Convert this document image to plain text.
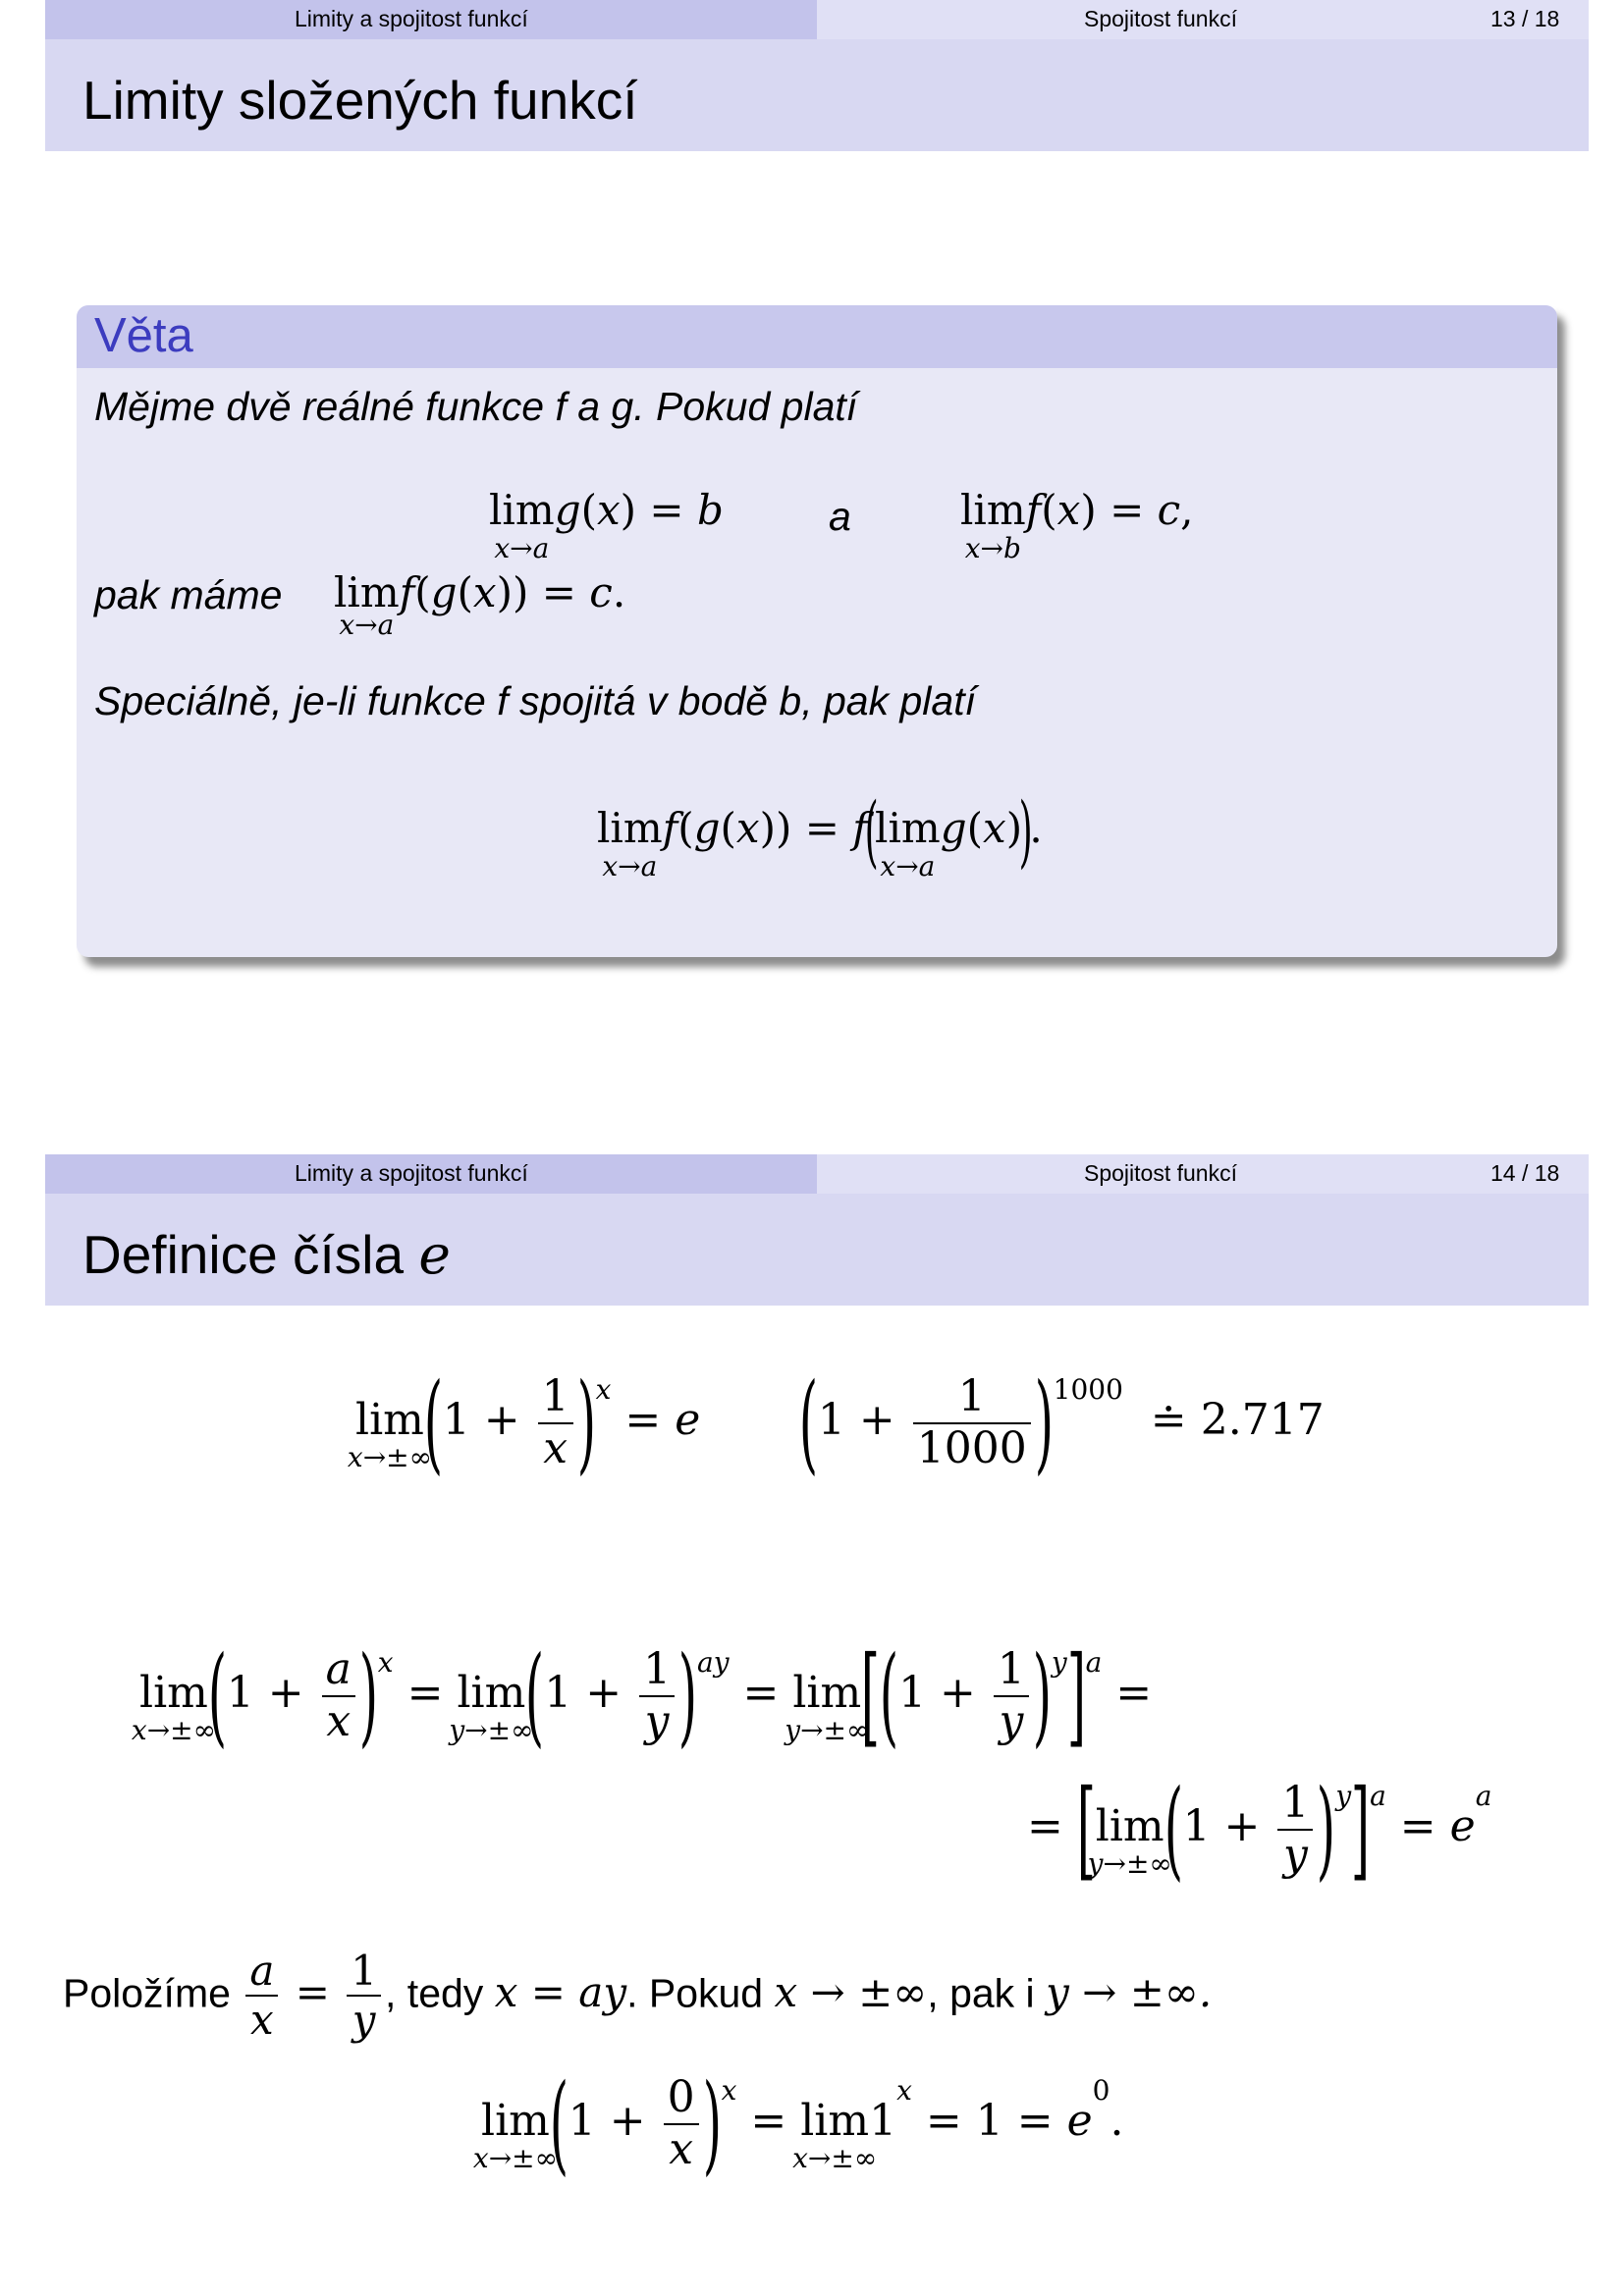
Limity a spojitost funkcí	Spojitost funkcí	13 / 18
Limity složených funkcí
Věta
Mějme dvě reálné funkce f a g. Pokud platí
lim
x→a
g(x) = b	a	lim
x→b
f(x) = c,
pak máme lim
x→a
f(g(x)) = c.
Speciálně, je-li funkce f spojitá v bodě b, pak platí
lim
x→a
f(g(x)) = f(lim
x→a
g(x)).
Limity a spojitost funkcí	Spojitost funkcí	14 / 18
Definice čísla e
lim
x→±∞
$(1 + \frac{1}{x} )^x = e$ $(1 + \frac{1}{1000} )^{1000}$  ≐ 2.717
lim
x→±∞
$(1 + \frac{a}{x} )^x = \lim$
y→±∞
$(1 + \frac{1}{y} )^{ay} = \lim$
y→±∞
$[(1 + \frac{1}{y} )^y]^a$ =
= [lim
y→±∞
$(1 + \frac{1}{y} )^y]^a = e^a$
Položíme $\frac{a}{x} = \frac{1}{y}$ , tedy x = ay. Pokud x → ±∞, pak i y → ±∞.
lim
x→±∞
$(1 + \frac{0}{x} )^x = \lim$
x→±∞
$1^x = 1 = e^0$.
